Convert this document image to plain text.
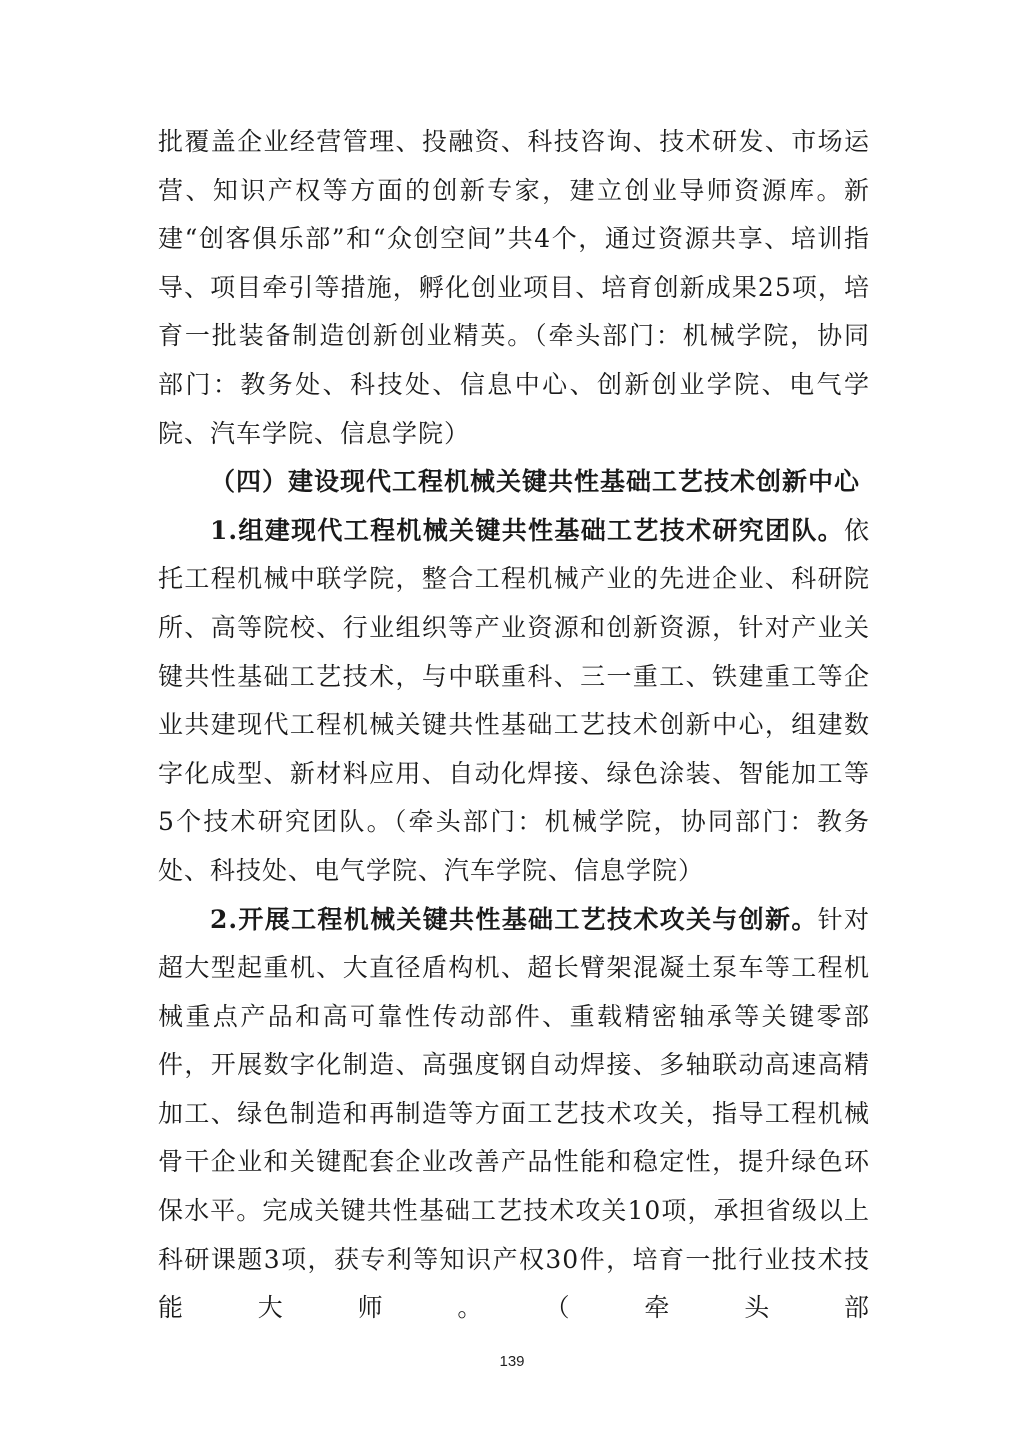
批覆盖企业经营管理、投融资、科技咨询、技术研发、市场运营、知识产权等方面的创新专家，建立创业导师资源库。新建“创客俱乐部”和“众创空间”共4个，通过资源共享、培训指导、项目牵引等措施，孵化创业项目、培育创新成果25项，培育一批装备制造创新创业精英。（牵头部门：机械学院，协同部门：教务处、科技处、信息中心、创新创业学院、电气学院、汽车学院、信息学院）

（四）建设现代工程机械关键共性基础工艺技术创新中心

1.组建现代工程机械关键共性基础工艺技术研究团队。依托工程机械中联学院，整合工程机械产业的先进企业、科研院所、高等院校、行业组织等产业资源和创新资源，针对产业关键共性基础工艺技术，与中联重科、三一重工、铁建重工等企业共建现代工程机械关键共性基础工艺技术创新中心，组建数字化成型、新材料应用、自动化焊接、绿色涂装、智能加工等5个技术研究团队。（牵头部门：机械学院，协同部门：教务处、科技处、电气学院、汽车学院、信息学院）

2.开展工程机械关键共性基础工艺技术攻关与创新。针对超大型起重机、大直径盾构机、超长臂架混凝土泵车等工程机械重点产品和高可靠性传动部件、重载精密轴承等关键零部件，开展数字化制造、高强度钢自动焊接、多轴联动高速高精加工、绿色制造和再制造等方面工艺技术攻关，指导工程机械骨干企业和关键配套企业改善产品性能和稳定性，提升绿色环保水平。完成关键共性基础工艺技术攻关10项，承担省级以上科研课题3项，获专利等知识产权30件，培育一批行业技术技能大师。（牵头部

139
